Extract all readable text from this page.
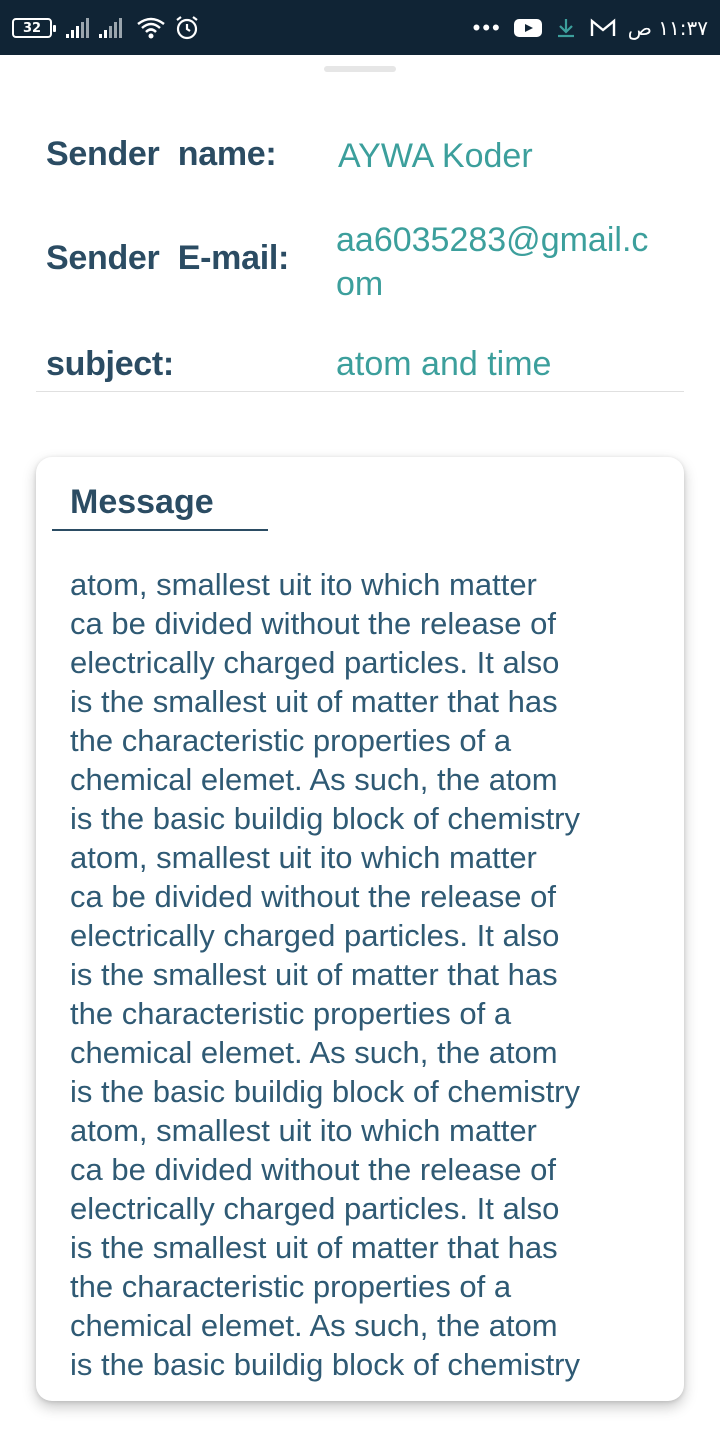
32	•••	١١:٣٧ ص
Sender  name: AYWA Koder
Sender  E-mail: aa6035283@gmail.com
subject:	atom and time
Message
atom, smallest uit ito which matter
ca be divided without the release of
electrically charged particles. It also
is the smallest uit of matter that has
the characteristic properties of a
chemical elemet. As such, the atom
is the basic buildig block of chemistry
atom, smallest uit ito which matter
ca be divided without the release of
electrically charged particles. It also
is the smallest uit of matter that has
the characteristic properties of a
chemical elemet. As such, the atom
is the basic buildig block of chemistry
atom, smallest uit ito which matter
ca be divided without the release of
electrically charged particles. It also
is the smallest uit of matter that has
the characteristic properties of a
chemical elemet. As such, the atom
is the basic buildig block of chemistry
